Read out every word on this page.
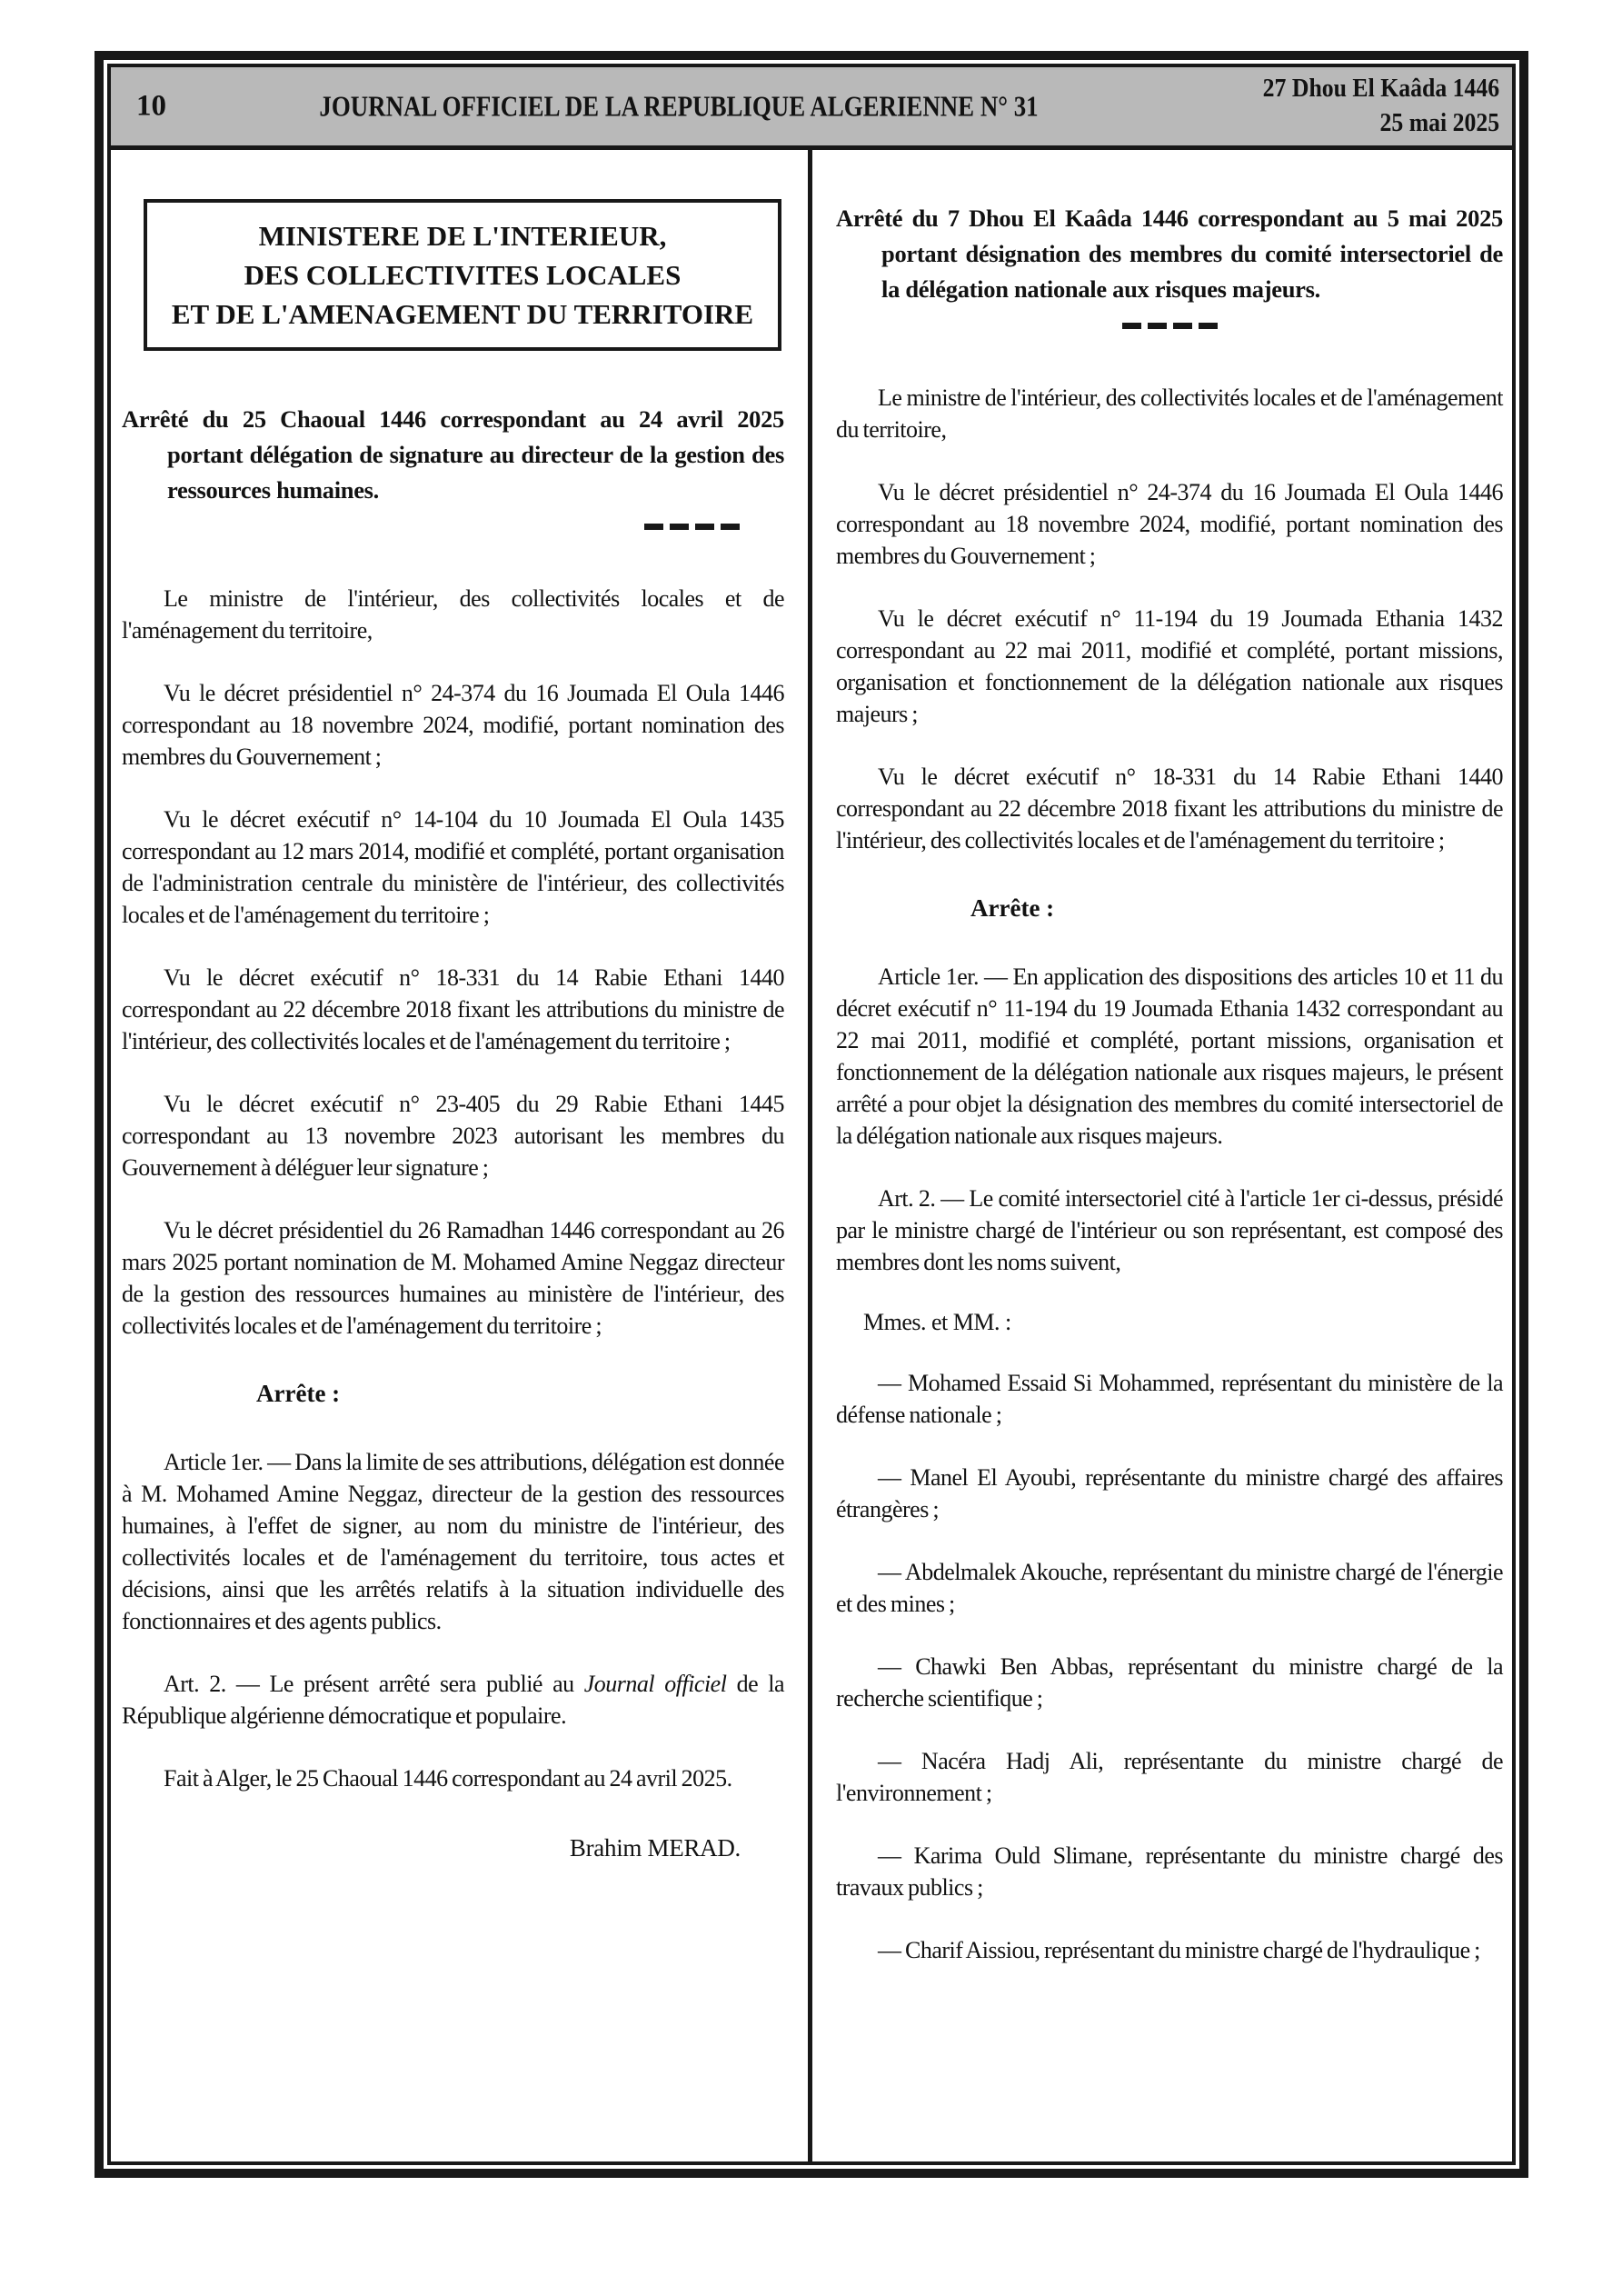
10	JOURNAL OFFICIEL DE LA REPUBLIQUE ALGERIENNE N° 31
27 Dhou El Kaâda 1446
25 mai 2025
MINISTERE DE L'INTERIEUR,
DES COLLECTIVITES LOCALES
ET DE L'AMENAGEMENT DU TERRITOIRE

Arrêté du 25 Chaoual 1446 correspondant au 24 avril 2025 portant délégation de signature au directeur de la gestion des ressources humaines.

Le ministre de l'intérieur, des collectivités locales et de l'aménagement du territoire,

Vu le décret présidentiel n° 24-374 du 16 Joumada El Oula 1446 correspondant au 18 novembre 2024, modifié, portant nomination des membres du Gouvernement ;

Vu le décret exécutif n° 14-104 du 10 Joumada El Oula 1435 correspondant au 12 mars 2014, modifié et complété, portant organisation de l'administration centrale du ministère de l'intérieur, des collectivités locales et de l'aménagement du territoire ;

Vu le décret exécutif n° 18-331 du 14 Rabie Ethani 1440 correspondant au 22 décembre 2018 fixant les attributions du ministre de l'intérieur, des collectivités locales et de l'aménagement du territoire ;

Vu le décret exécutif n° 23-405 du 29 Rabie Ethani 1445 correspondant au 13 novembre 2023 autorisant les membres du Gouvernement à déléguer leur signature ;

Vu le décret présidentiel du 26 Ramadhan 1446 correspondant au 26 mars 2025 portant nomination de M. Mohamed Amine Neggaz directeur de la gestion des ressources humaines au ministère de l'intérieur, des collectivités locales et de l'aménagement du territoire ;

Arrête :

Article 1er. — Dans la limite de ses attributions, délégation est donnée à M. Mohamed Amine Neggaz, directeur de la gestion des ressources humaines, à l'effet de signer, au nom du ministre de l'intérieur, des collectivités locales et de l'aménagement du territoire, tous actes et décisions, ainsi que les arrêtés relatifs à la situation individuelle des fonctionnaires et des agents publics.

Art. 2. — Le présent arrêté sera publié au Journal officiel de la République algérienne démocratique et populaire.

Fait à Alger, le 25 Chaoual 1446 correspondant au 24 avril 2025.

Brahim MERAD.

Arrêté du 7 Dhou El Kaâda 1446 correspondant au 5 mai 2025 portant désignation des membres du comité intersectoriel de la délégation nationale aux risques majeurs.

Le ministre de l'intérieur, des collectivités locales et de l'aménagement du territoire,

Vu le décret présidentiel n° 24-374 du 16 Joumada El Oula 1446 correspondant au 18 novembre 2024, modifié, portant nomination des membres du Gouvernement ;

Vu le décret exécutif n° 11-194 du 19 Joumada Ethania 1432 correspondant au 22 mai 2011, modifié et complété, portant missions, organisation et fonctionnement de la délégation nationale aux risques majeurs ;

Vu le décret exécutif n° 18-331 du 14 Rabie Ethani 1440 correspondant au 22 décembre 2018 fixant les attributions du ministre de l'intérieur, des collectivités locales et de l'aménagement du territoire ;

Arrête :

Article 1er. — En application des dispositions des articles 10 et 11 du décret exécutif n° 11-194 du 19 Joumada Ethania 1432 correspondant au 22 mai 2011, modifié et complété, portant missions, organisation et fonctionnement de la délégation nationale aux risques majeurs, le présent arrêté a pour objet la désignation des membres du comité intersectoriel de la délégation nationale aux risques majeurs.

Art. 2. — Le comité intersectoriel cité à l'article 1er ci-dessus, présidé par le ministre chargé de l'intérieur ou son représentant, est composé des membres dont les noms suivent,

Mmes. et MM. :

— Mohamed Essaid Si Mohammed, représentant du ministère de la défense nationale ;

— Manel El Ayoubi, représentante du ministre chargé des affaires étrangères ;

— Abdelmalek Akouche, représentant du ministre chargé de l'énergie et des mines ;

— Chawki Ben Abbas, représentant du ministre chargé de la recherche scientifique ;

— Nacéra Hadj Ali, représentante du ministre chargé de l'environnement ;

— Karima Ould Slimane, représentante du ministre chargé des travaux publics ;

— Charif Aissiou, représentant du ministre chargé de l'hydraulique ;
